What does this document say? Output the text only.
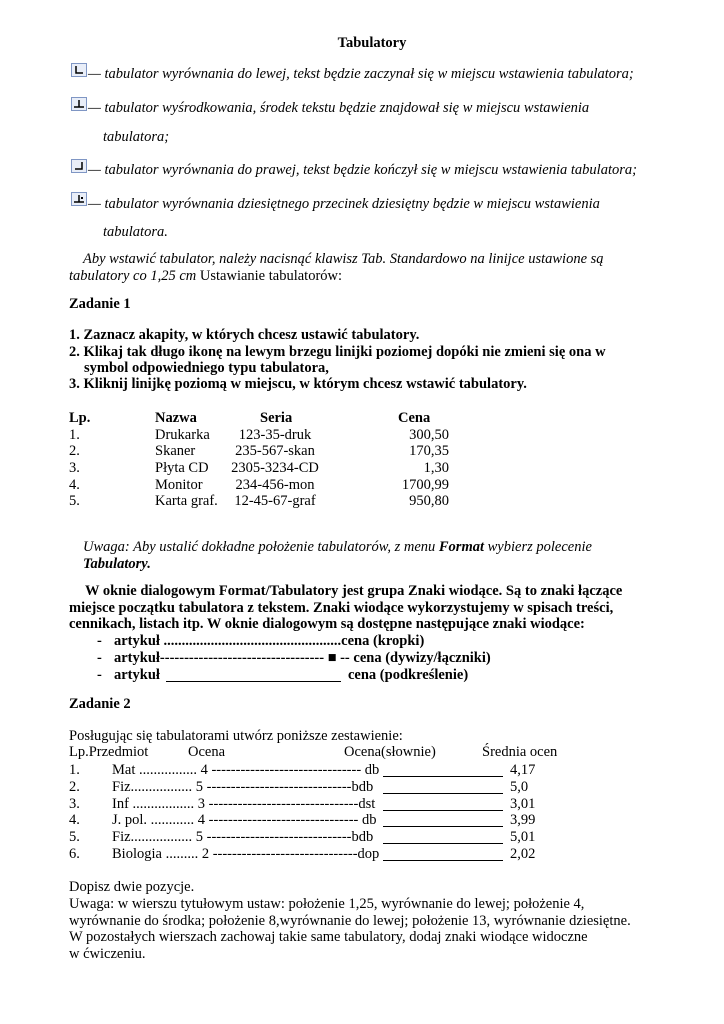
Tabulatory
— tabulator wyrównania do lewej, tekst będzie zaczynał się w miejscu wstawienia tabulatora;
— tabulator wyśrodkowania, środek tekstu będzie znajdował się w miejscu wstawienia
tabulatora;
— tabulator wyrównania do prawej, tekst będzie kończył się w miejscu wstawienia tabulatora;
— tabulator wyrównania dziesiętnego przecinek dziesiętny będzie w miejscu wstawienia
tabulatora.
Aby wstawić tabulator, należy nacisnąć klawisz Tab. Standardowo na linijce ustawione są
tabulatory co 1,25 cm Ustawianie tabulatorów:
Zadanie 1
1. Zaznacz akapity, w których chcesz ustawić tabulatory.
2. Klikaj tak długo ikonę na lewym brzegu linijki poziomej dopóki nie zmieni się ona w
symbol odpowiedniego typu tabulatora,
3. Kliknij linijkę poziomą w miejscu, w którym chcesz wstawić tabulatory.
Lp.	Nazwa	Seria	Cena
1.	Drukarka	123-35-druk	300,50
2.	Skaner	235-567-skan	170,35
3.	Płyta CD	2305-3234-CD	1,30
4.	Monitor	234-456-mon	1700,99
5.	Karta graf.	12-45-67-graf	950,80
Uwaga: Aby ustalić dokładne położenie tabulatorów, z menu Format wybierz polecenie
Tabulatory.
W oknie dialogowym Format/Tabulatory jest grupa Znaki wiodące. Są to znaki łączące
miejsce początku tabulatora z tekstem. Znaki wiodące wykorzystujemy w spisach treści,
cennikach, listach itp. W oknie dialogowym są dostępne następujące znaki wiodące:
- artykuł .................................................cena (kropki)
- artykuł---------------------------------- ■ -- cena (dywizy/łączniki)
- artykuł	cena (podkreślenie)
Zadanie 2
Posługując się tabulatorami utwórz poniższe zestawienie:
Lp.Przedmiot	Ocena	Ocena(słownie)	Średnia ocen
1. Mat ................ 4 ------------------------------- db	4,17
2. Fiz................. 5 ------------------------------bdb	5,0
3. Inf ................. 3 -------------------------------dst	3,01
4. J. pol. ............ 4 ------------------------------- db	3,99
5. Fiz................. 5 ------------------------------bdb	5,01
6. Biologia ......... 2 ------------------------------dop	2,02
Dopisz dwie pozycje.
Uwaga: w wierszu tytułowym ustaw: położenie 1,25, wyrównanie do lewej; położenie 4,
wyrównanie do środka; położenie 8,wyrównanie do lewej; położenie 13, wyrównanie dziesiętne.
W pozostałych wierszach zachowaj takie same tabulatory, dodaj znaki wiodące widoczne
w ćwiczeniu.
